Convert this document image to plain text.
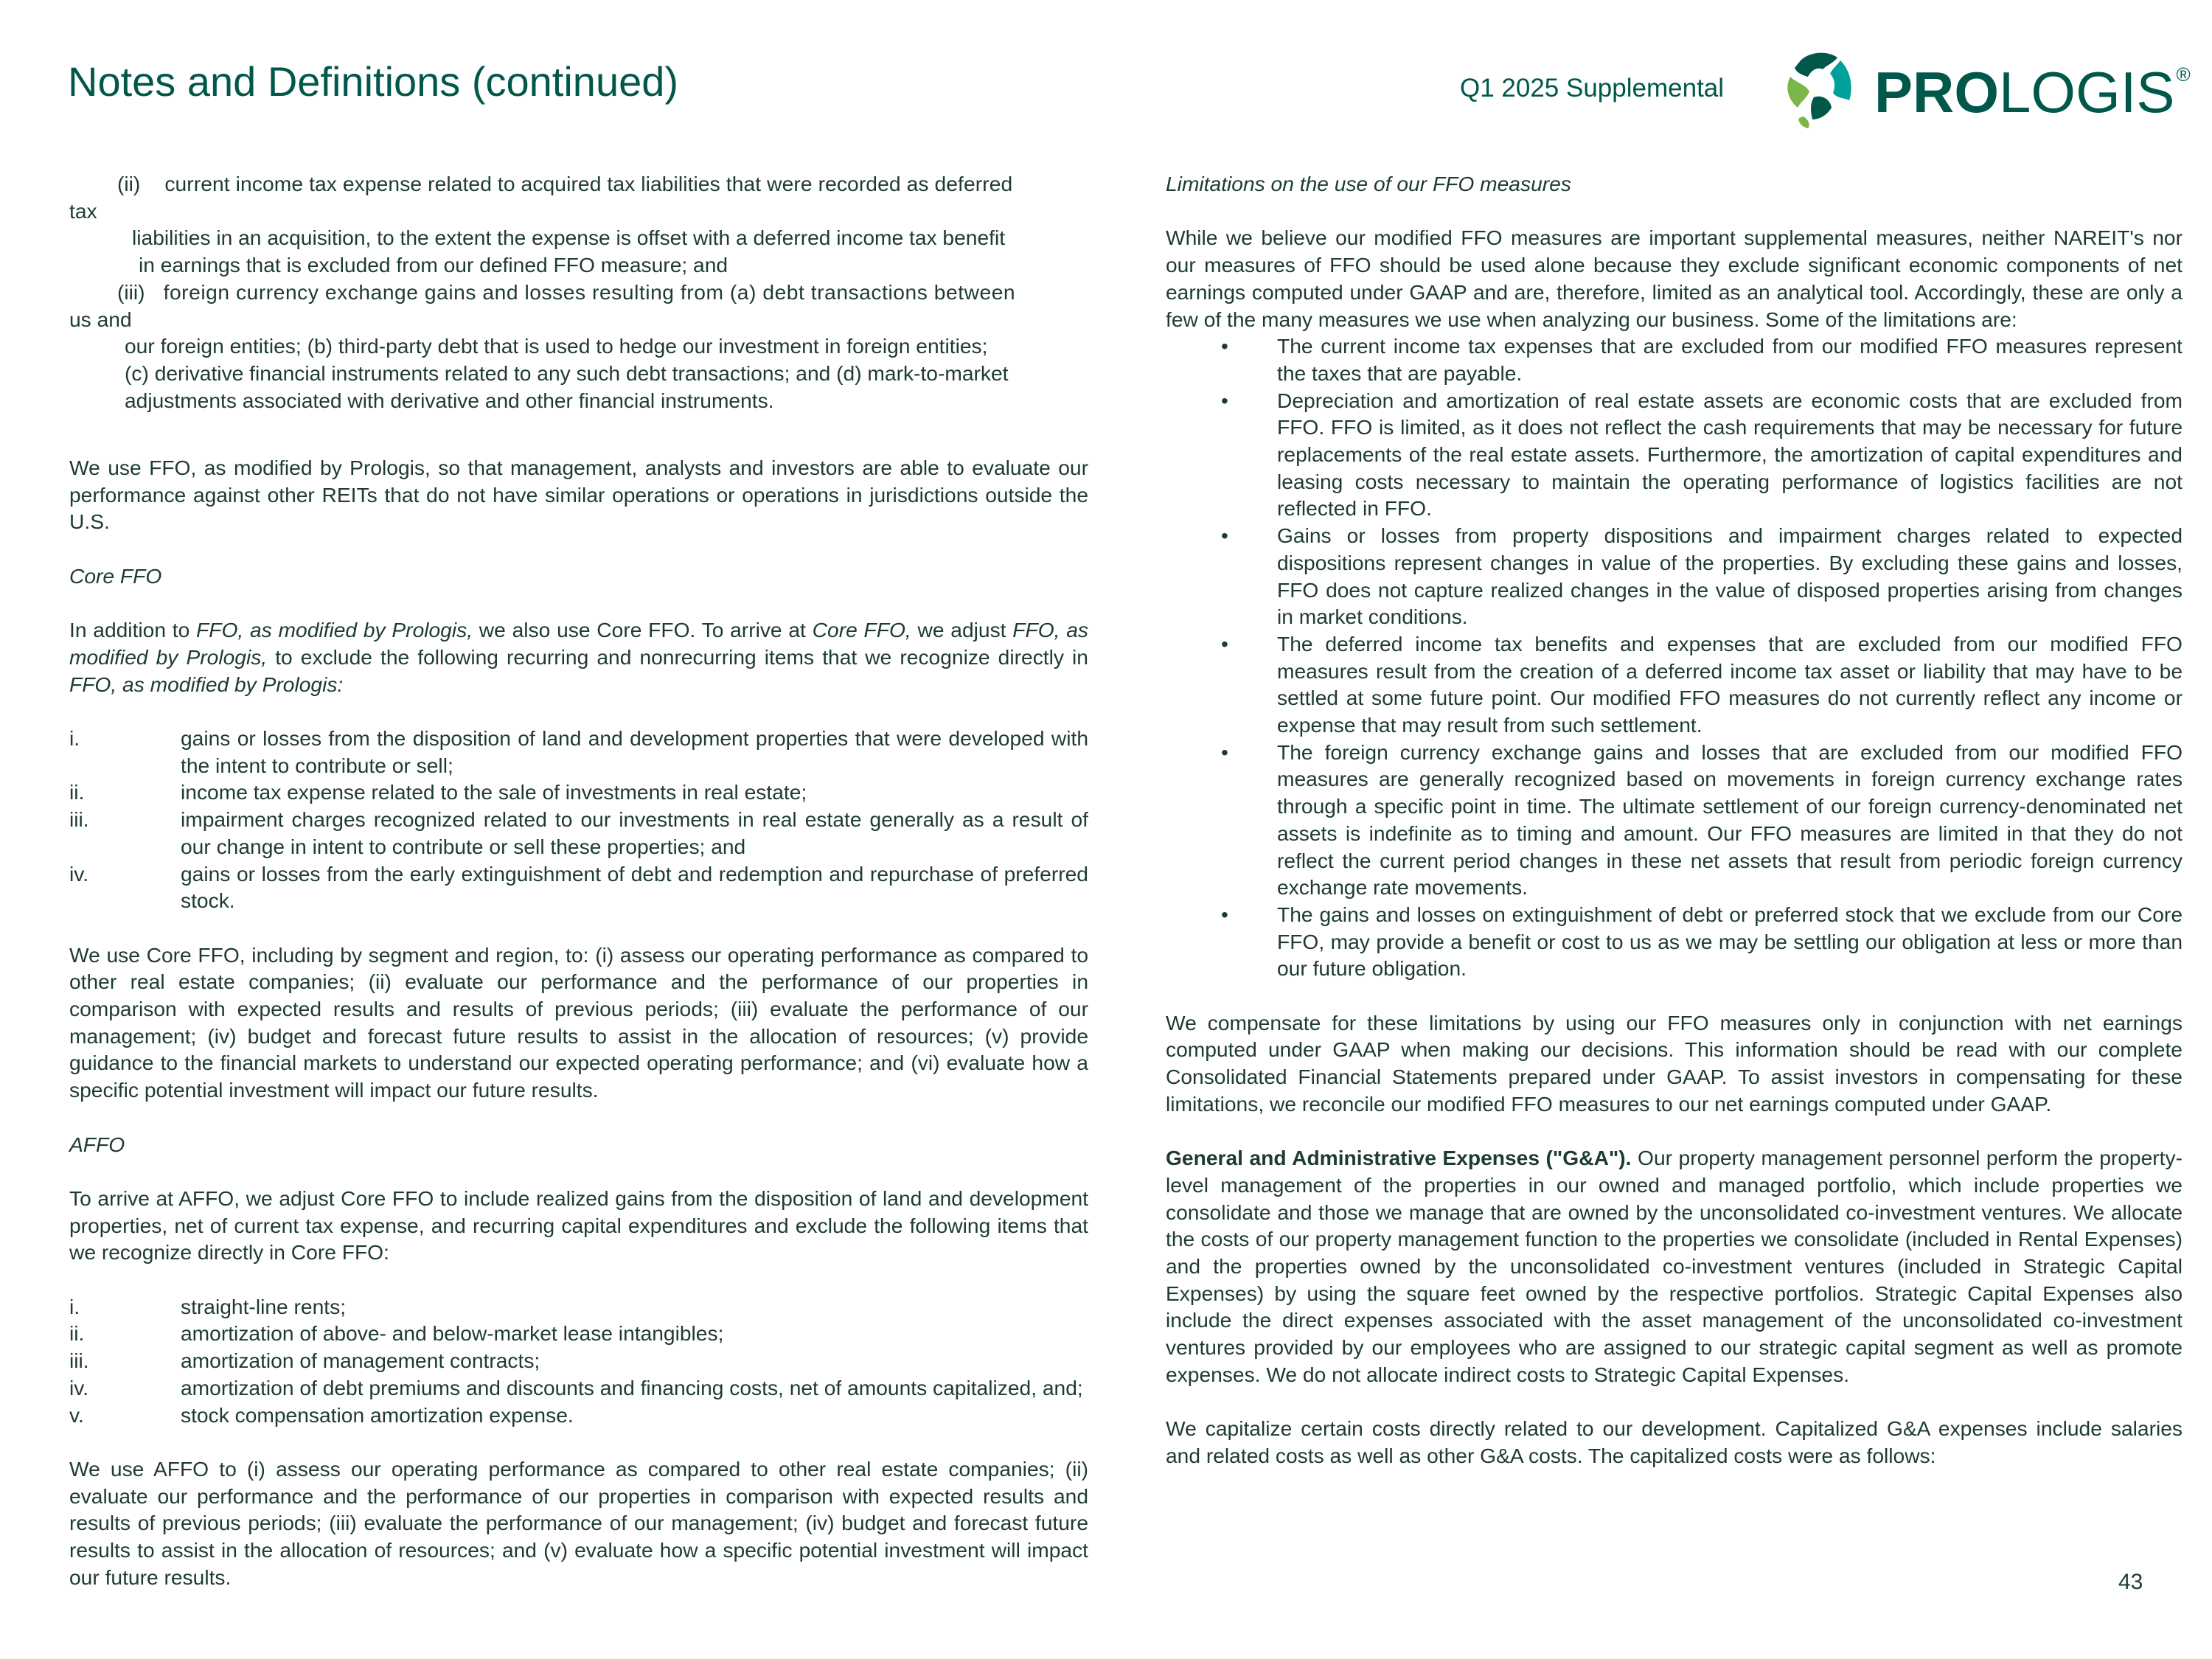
Notes and Definitions (continued)	Q1 2025 Supplemental	PROLOGIS®
(ii) current income tax expense related to acquired tax liabilities that were recorded as deferred
tax
liabilities in an acquisition, to the extent the expense is offset with a deferred income tax benefit
in earnings that is excluded from our defined FFO measure; and
(iii) foreign currency exchange gains and losses resulting from (a) debt transactions between
us and
our foreign entities; (b) third-party debt that is used to hedge our investment in foreign entities;
(c) derivative financial instruments related to any such debt transactions; and (d) mark-to-market
adjustments associated with derivative and other financial instruments.

We use FFO, as modified by Prologis, so that management, analysts and investors are able to evaluate our performance against other REITs that do not have similar operations or operations in jurisdictions outside the U.S.

Core FFO

In addition to FFO, as modified by Prologis, we also use Core FFO. To arrive at Core FFO, we adjust FFO, as modified by Prologis, to exclude the following recurring and nonrecurring items that we recognize directly in FFO, as modified by Prologis:

i.	gains or losses from the disposition of land and development properties that were developed with the intent to contribute or sell;
ii.	income tax expense related to the sale of investments in real estate;
iii.	impairment charges recognized related to our investments in real estate generally as a result of our change in intent to contribute or sell these properties; and
iv.	gains or losses from the early extinguishment of debt and redemption and repurchase of preferred stock.

We use Core FFO, including by segment and region, to: (i) assess our operating performance as compared to other real estate companies; (ii) evaluate our performance and the performance of our properties in comparison with expected results and results of previous periods; (iii) evaluate the performance of our management; (iv) budget and forecast future results to assist in the allocation of resources; (v) provide guidance to the financial markets to understand our expected operating performance; and (vi) evaluate how a specific potential investment will impact our future results.

AFFO

To arrive at AFFO, we adjust Core FFO to include realized gains from the disposition of land and development properties, net of current tax expense, and recurring capital expenditures and exclude the following items that we recognize directly in Core FFO:

i.	straight-line rents;
ii.	amortization of above- and below-market lease intangibles;
iii.	amortization of management contracts;
iv.	amortization of debt premiums and discounts and financing costs, net of amounts capitalized, and;
v.	stock compensation amortization expense.

We use AFFO to (i) assess our operating performance as compared to other real estate companies; (ii) evaluate our performance and the performance of our properties in comparison with expected results and results of previous periods; (iii) evaluate the performance of our management; (iv) budget and forecast future results to assist in the allocation of resources; and (v) evaluate how a specific potential investment will impact our future results.

Limitations on the use of our FFO measures

While we believe our modified FFO measures are important supplemental measures, neither NAREIT's nor our measures of FFO should be used alone because they exclude significant economic components of net earnings computed under GAAP and are, therefore, limited as an analytical tool. Accordingly, these are only a few of the many measures we use when analyzing our business. Some of the limitations are:

• The current income tax expenses that are excluded from our modified FFO measures represent the taxes that are payable.
• Depreciation and amortization of real estate assets are economic costs that are excluded from FFO. FFO is limited, as it does not reflect the cash requirements that may be necessary for future replacements of the real estate assets. Furthermore, the amortization of capital expenditures and leasing costs necessary to maintain the operating performance of logistics facilities are not reflected in FFO.
• Gains or losses from property dispositions and impairment charges related to expected dispositions represent changes in value of the properties. By excluding these gains and losses, FFO does not capture realized changes in the value of disposed properties arising from changes in market conditions.
• The deferred income tax benefits and expenses that are excluded from our modified FFO measures result from the creation of a deferred income tax asset or liability that may have to be settled at some future point. Our modified FFO measures do not currently reflect any income or expense that may result from such settlement.
• The foreign currency exchange gains and losses that are excluded from our modified FFO measures are generally recognized based on movements in foreign currency exchange rates through a specific point in time. The ultimate settlement of our foreign currency-denominated net assets is indefinite as to timing and amount. Our FFO measures are limited in that they do not reflect the current period changes in these net assets that result from periodic foreign currency exchange rate movements.
• The gains and losses on extinguishment of debt or preferred stock that we exclude from our Core FFO, may provide a benefit or cost to us as we may be settling our obligation at less or more than our future obligation.

We compensate for these limitations by using our FFO measures only in conjunction with net earnings computed under GAAP when making our decisions. This information should be read with our complete Consolidated Financial Statements prepared under GAAP. To assist investors in compensating for these limitations, we reconcile our modified FFO measures to our net earnings computed under GAAP.

General and Administrative Expenses ("G&A"). Our property management personnel perform the property-level management of the properties in our owned and managed portfolio, which include properties we consolidate and those we manage that are owned by the unconsolidated co-investment ventures. We allocate the costs of our property management function to the properties we consolidate (included in Rental Expenses) and the properties owned by the unconsolidated co-investment ventures (included in Strategic Capital Expenses) by using the square feet owned by the respective portfolios. Strategic Capital Expenses also include the direct expenses associated with the asset management of the unconsolidated co-investment ventures provided by our employees who are assigned to our strategic capital segment as well as promote expenses. We do not allocate indirect costs to Strategic Capital Expenses.

We capitalize certain costs directly related to our development. Capitalized G&A expenses include salaries and related costs as well as other G&A costs. The capitalized costs were as follows:

43
